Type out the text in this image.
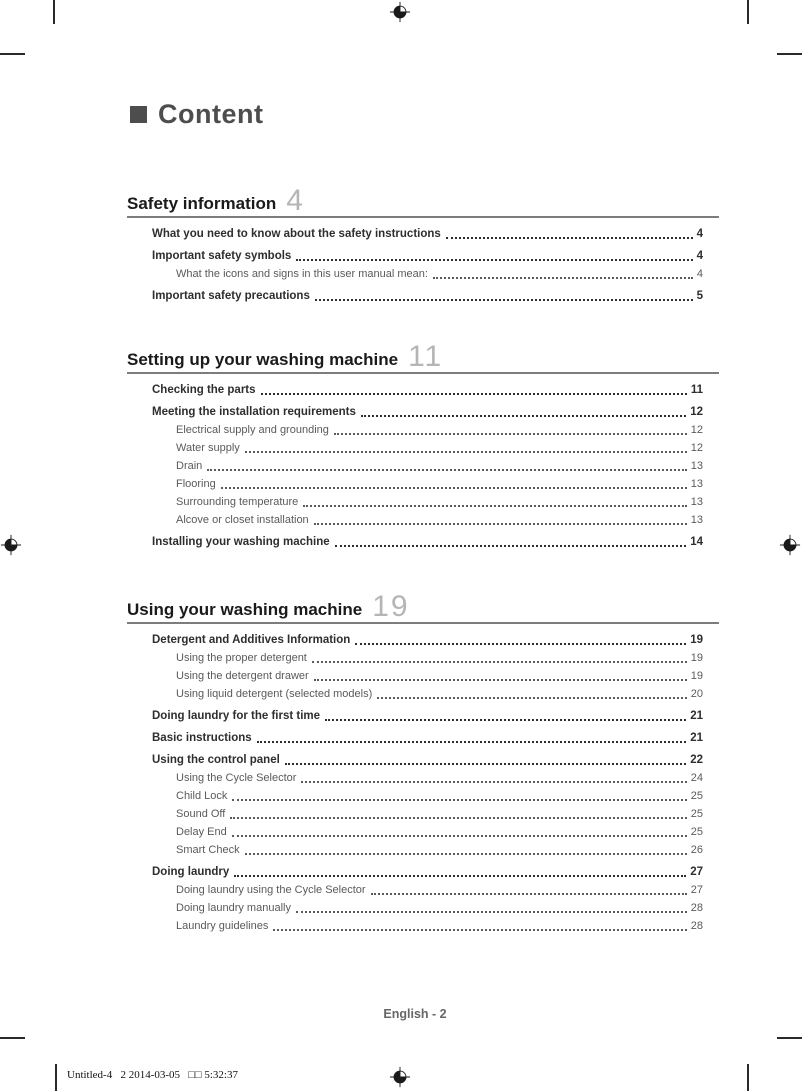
Content
Safety information 4
What you need to know about the safety instructions	4
Important safety symbols	4
What the icons and signs in this user manual mean:	4
Important safety precautions	5
Setting up your washing machine 11
Checking the parts	11
Meeting the installation requirements	12
Electrical supply and grounding	12
Water supply	12
Drain	13
Flooring	13
Surrounding temperature	13
Alcove or closet installation	13
Installing your washing machine	14
Using your washing machine 19
Detergent and Additives Information	19
Using the proper detergent	19
Using the detergent drawer	19
Using liquid detergent (selected models)	20
Doing laundry for the first time	21
Basic instructions	21
Using the control panel	22
Using the Cycle Selector	24
Child Lock	25
Sound Off	25
Delay End	25
Smart Check	26
Doing laundry	27
Doing laundry using the Cycle Selector	27
Doing laundry manually	28
Laundry guidelines	28
English - 2
Untitled-4   2 2014-03-05   □□ 5:32:37
